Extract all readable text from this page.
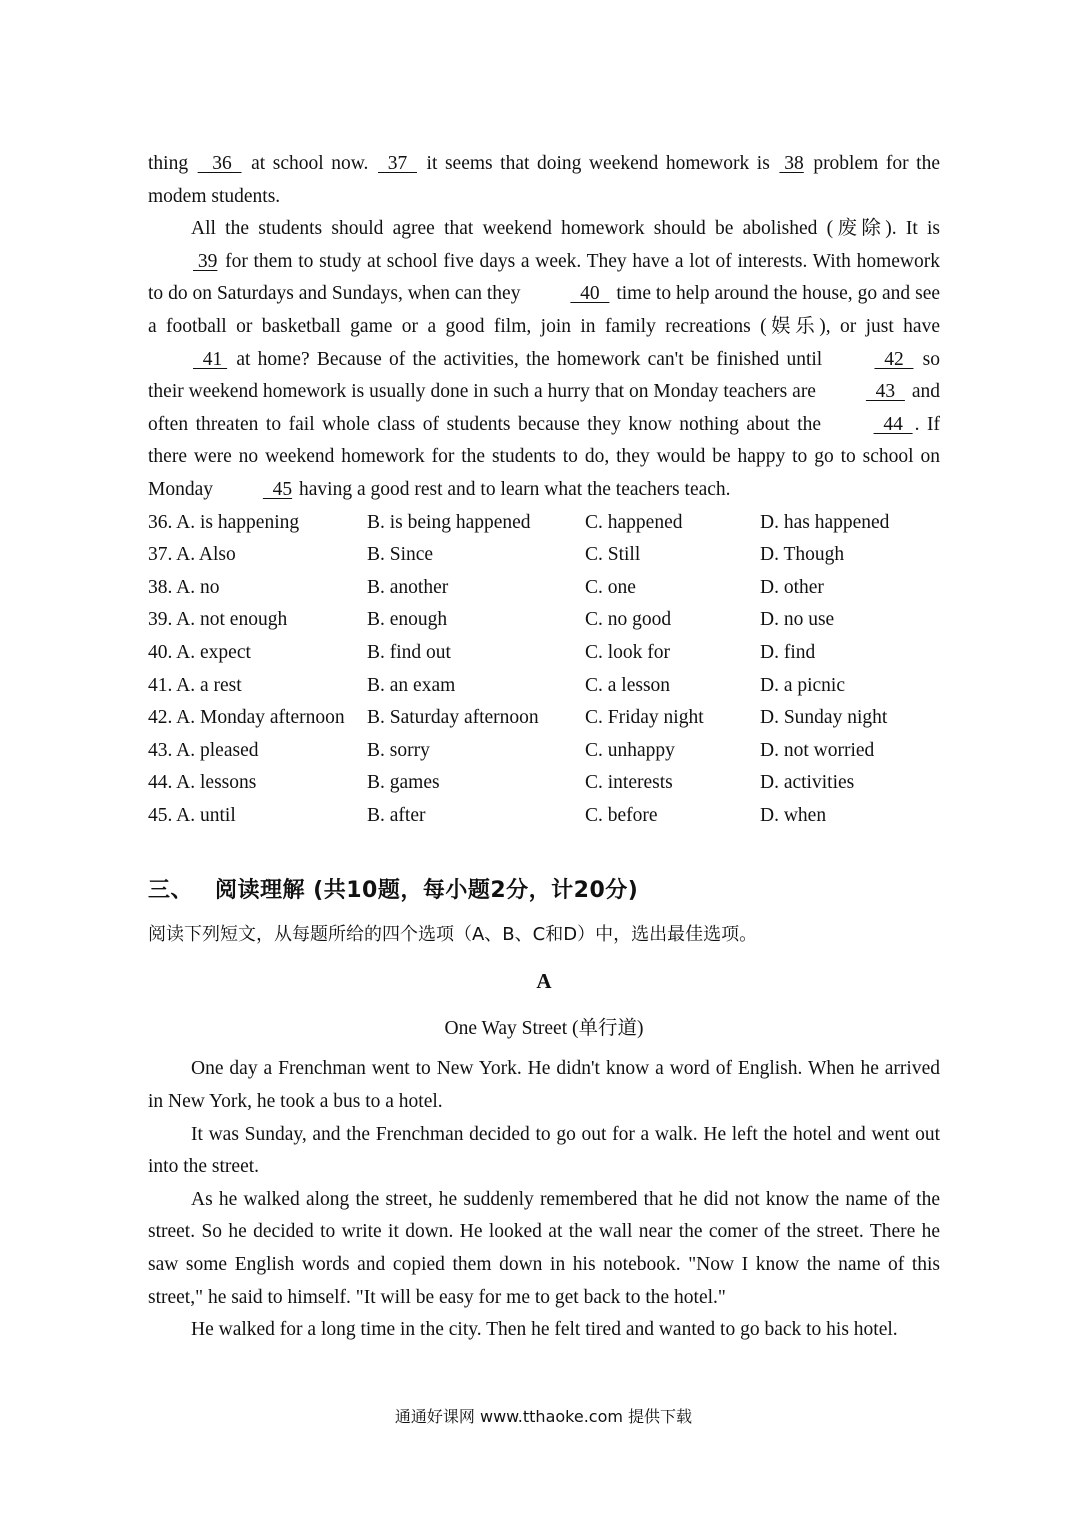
thing    36   at school now.   37   it seems that doing weekend homework is  38 problem for the modem students.

All the students should agree that weekend homework should be abolished (废除). It is  39 for them to study at school five days a week. They have a lot of interests. With homework to do on Saturdays and Sundays, when can they   40   time to help around the house, go and see a football or basketball game or a good film, join in family recreations (娱乐), or just have   41  at home? Because of the activities, the homework can't be finished until   42   so their weekend homework is usually done in such a hurry that on Monday teachers are   43   and often threaten to fail whole class of students because they know nothing about the   44  . If there were no weekend homework for the students to do, they would be happy to go to school on Monday   45 having a good rest and to learn what the teachers teach.

36. A. is happening	B. is being happened	C. happened	D. has happened
37. A. Also	B. Since	C. Still	D. Though
38. A. no	B. another	C. one	D. other
39. A. not enough	B. enough	C. no good	D. no use
40. A. expect	B. find out	C. look for	D. find
41. A. a rest	B. an exam	C. a lesson	D. a picnic
42. A. Monday afternoon	B. Saturday afternoon	C. Friday night	D. Sunday night
43. A. pleased	B. sorry	C. unhappy	D. not worried
44. A. lessons	B. games	C. interests	D. activities
45. A. until	B. after	C. before	D. when
三、 阅读理解 (共10题，每小题2分，计20分)
阅读下列短文，从每题所给的四个选项（A、B、C和D）中，选出最佳选项。
A
One Way Street (单行道)

One day a Frenchman went to New York. He didn't know a word of English. When he arrived in New York, he took a bus to a hotel.

It was Sunday, and the Frenchman decided to go out for a walk. He left the hotel and went out into the street.

As he walked along the street, he suddenly remembered that he did not know the name of the street. So he decided to write it down. He looked at the wall near the comer of the street. There he saw some English words and copied them down in his notebook. "Now I know the name of this street," he said to himself. "It will be easy for me to get back to the hotel."

He walked for a long time in the city. Then he felt tired and wanted to go back to his hotel.

通通好课网 www.tthaoke.com 提供下载
